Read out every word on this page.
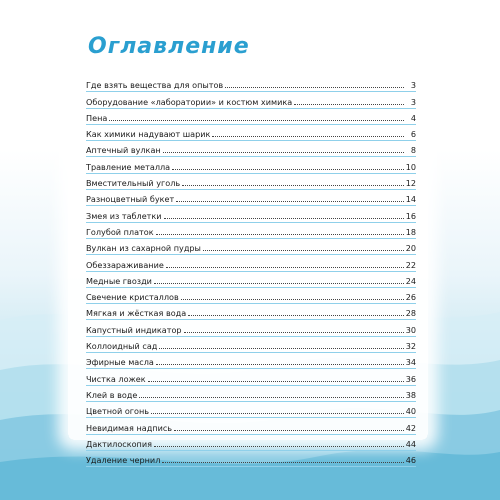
Оглавление
Где взять вещества для опытов	3
Оборудование «лаборатории» и костюм химика	3
Пена	4
Как химики надувают шарик	6
Аптечный вулкан	8
Травление металла	10
Вместительный уголь	12
Разноцветный букет	14
Змея из таблетки	16
Голубой платок	18
Вулкан из сахарной пудры	20
Обеззараживание	22
Медные гвозди	24
Свечение кристаллов	26
Мягкая и жёсткая вода	28
Капустный индикатор	30
Коллоидный сад	32
Эфирные масла	34
Чистка ложек	36
Клей в воде	38
Цветной огонь	40
Невидимая надпись	42
Дактилоскопия	44
Удаление чернил	46
